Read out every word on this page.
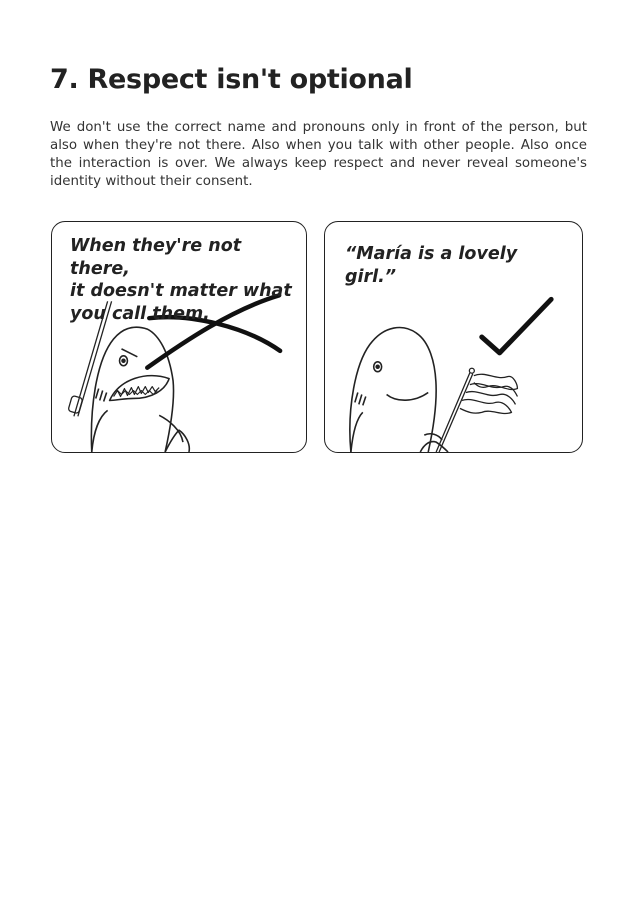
7. Respect isn't optional

We don't use the correct name and pronouns only in front of the person, but also when they're not there. Also when you talk with other people. Also once the interaction is over. We always keep respect and never reveal someone's identity without their consent.

When they're not there,
it doesn't matter what
you call them.

“María is a lovely
girl.”
